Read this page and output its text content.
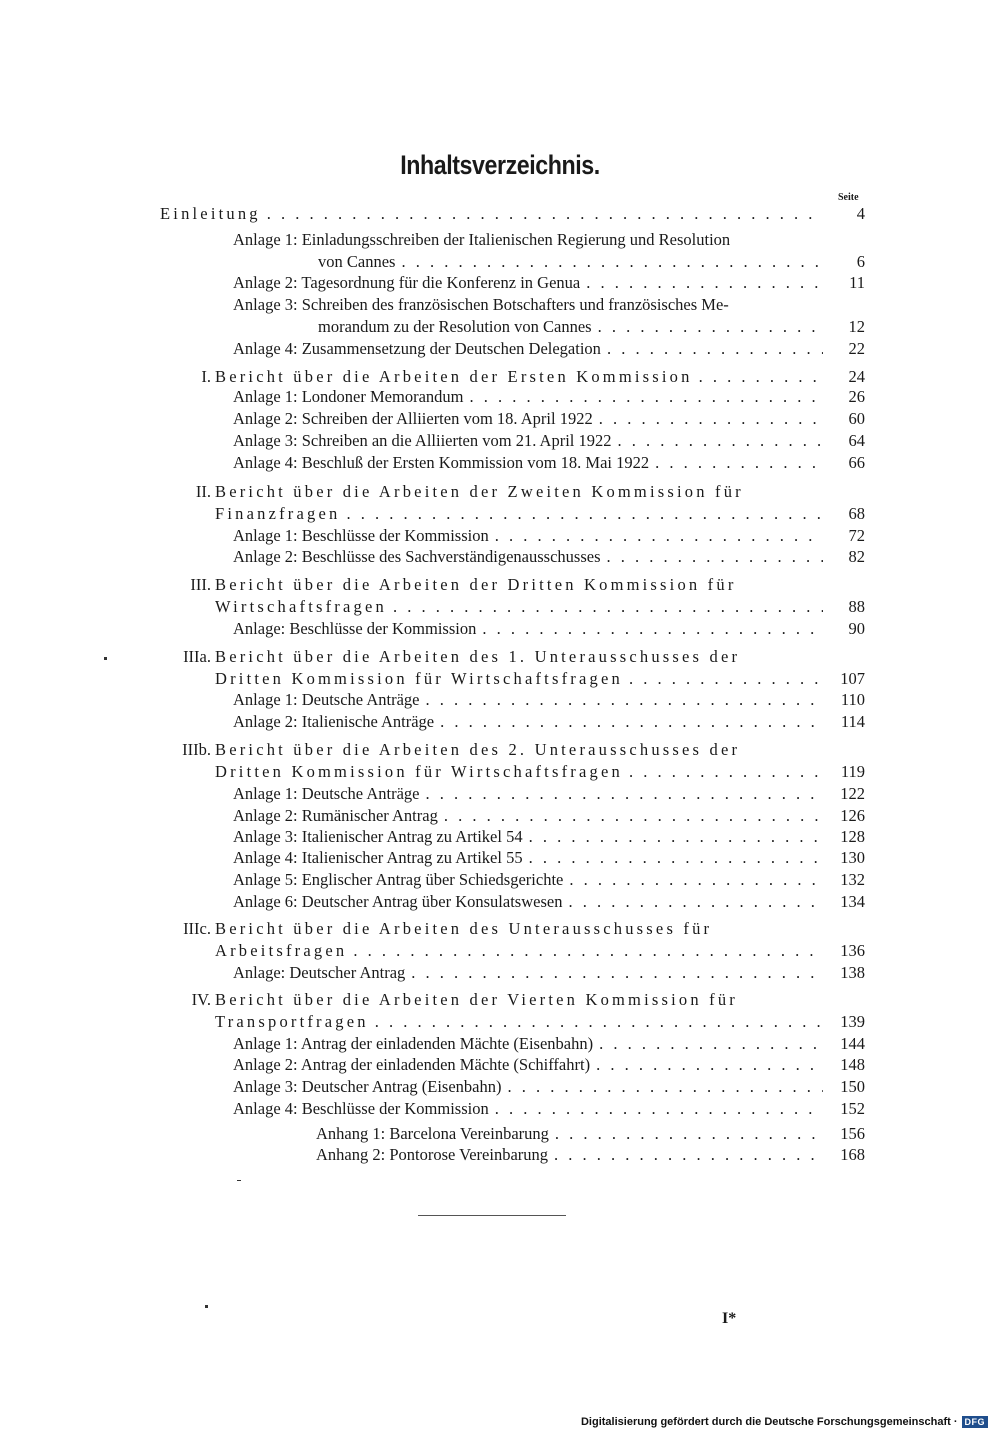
Inhaltsverzeichnis.
Seite
Einleitung . . .	4
Anlage 1: Einladungsschreiben der Italienischen Regierung und Resolution
von Cannes . . .	6
Anlage 2: Tagesordnung für die Konferenz in Genua . . .	11
Anlage 3: Schreiben des französischen Botschafters und französisches Me-
morandum zu der Resolution von Cannes . . .	12
Anlage 4: Zusammensetzung der Deutschen Delegation . . .	22
I. Bericht über die Arbeiten der Ersten Kommission . . .	24
Anlage 1: Londoner Memorandum . . .	26
Anlage 2: Schreiben der Alliierten vom 18. April 1922 . . .	60
Anlage 3: Schreiben an die Alliierten vom 21. April 1922 . . .	64
Anlage 4: Beschluß der Ersten Kommission vom 18. Mai 1922 . . .	66
II. Bericht über die Arbeiten der Zweiten Kommission für
Finanzfragen . . .	68
Anlage 1: Beschlüsse der Kommission . . .	72
Anlage 2: Beschlüsse des Sachverständigenausschusses . . .	82
III. Bericht über die Arbeiten der Dritten Kommission für
Wirtschaftsfragen . . .	88
Anlage: Beschlüsse der Kommission . . .	90
IIIa. Bericht über die Arbeiten des 1. Unterausschusses der
Dritten Kommission für Wirtschaftsfragen . . .	107
Anlage 1: Deutsche Anträge . . .	110
Anlage 2: Italienische Anträge . . .	114
IIIb. Bericht über die Arbeiten des 2. Unterausschusses der
Dritten Kommission für Wirtschaftsfragen . . .	119
Anlage 1: Deutsche Anträge . . .	122
Anlage 2: Rumänischer Antrag . . .	126
Anlage 3: Italienischer Antrag zu Artikel 54 . . .	128
Anlage 4: Italienischer Antrag zu Artikel 55 . . .	130
Anlage 5: Englischer Antrag über Schiedsgerichte . . .	132
Anlage 6: Deutscher Antrag über Konsulatswesen . . .	134
IIIc. Bericht über die Arbeiten des Unterausschusses für
Arbeitsfragen . . .	136
Anlage: Deutscher Antrag . . .	138
IV. Bericht über die Arbeiten der Vierten Kommission für
Transportfragen . . .	139
Anlage 1: Antrag der einladenden Mächte (Eisenbahn) . . .	144
Anlage 2: Antrag der einladenden Mächte (Schiffahrt) . . .	148
Anlage 3: Deutscher Antrag (Eisenbahn) . . .	150
Anlage 4: Beschlüsse der Kommission . . .	152
Anhang 1: Barcelona Vereinbarung . . .	156
Anhang 2: Pontorose Vereinbarung . . .	168
I*
Digitalisierung gefördert durch die Deutsche Forschungsgemeinschaft · DFG
